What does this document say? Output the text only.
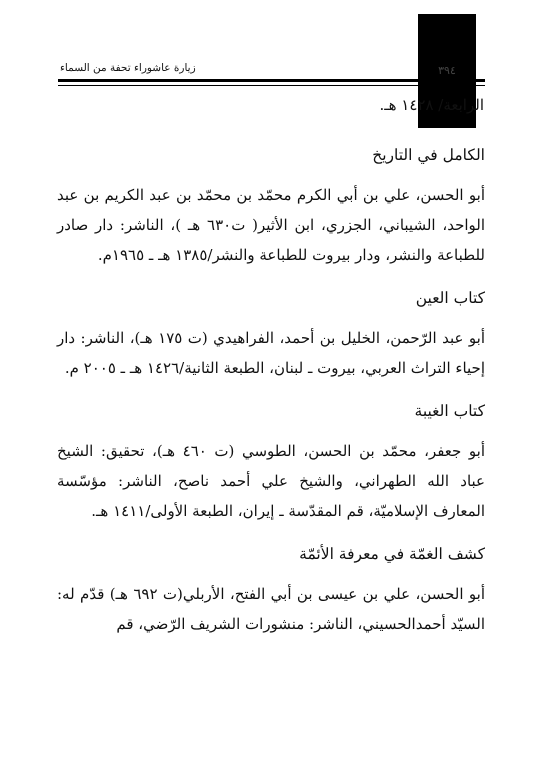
زيارة عاشوراء تحفة من السماء	٣٩٤
الرابعة/ ١٤٢٨ هـ.
الكامل في التاريخ

أبو الحسن، علي بن أبي الكرم محمّد بن محمّد بن عبد الكريم بن عبد الواحد، الشيباني، الجزري، ابن الأثير( ت٦٣٠ هـ )، الناشر: دار صادر للطباعة والنشر، ودار بيروت للطباعة والنشر/١٣٨٥ هـ ـ ١٩٦٥م.

كتاب العين

أبو عبد الرّحمن، الخليل بن أحمد، الفراهيدي (ت ١٧٥ هـ)، الناشر: دار إحياء التراث العربي، بيروت ـ لبنان، الطبعة الثانية/١٤٢٦ هـ ـ ٢٠٠٥ م.

كتاب الغيبة

أبو جعفر، محمّد بن الحسن، الطوسي (ت ٤٦٠ هـ)، تحقيق: الشيخ عباد الله الطهراني، والشيخ علي أحمد ناصح، الناشر: مؤسّسة المعارف الإسلاميّة، قم المقدّسة ـ إيران، الطبعة الأولى/١٤١١ هـ.

كشف الغمّة في معرفة الأئمّة

أبو الحسن، علي بن عيسى بن أبي الفتح، الأربلي(ت ٦٩٢ هـ) قدّم له: السيّد أحمدالحسيني، الناشر: منشورات الشريف الرّضي، قم
